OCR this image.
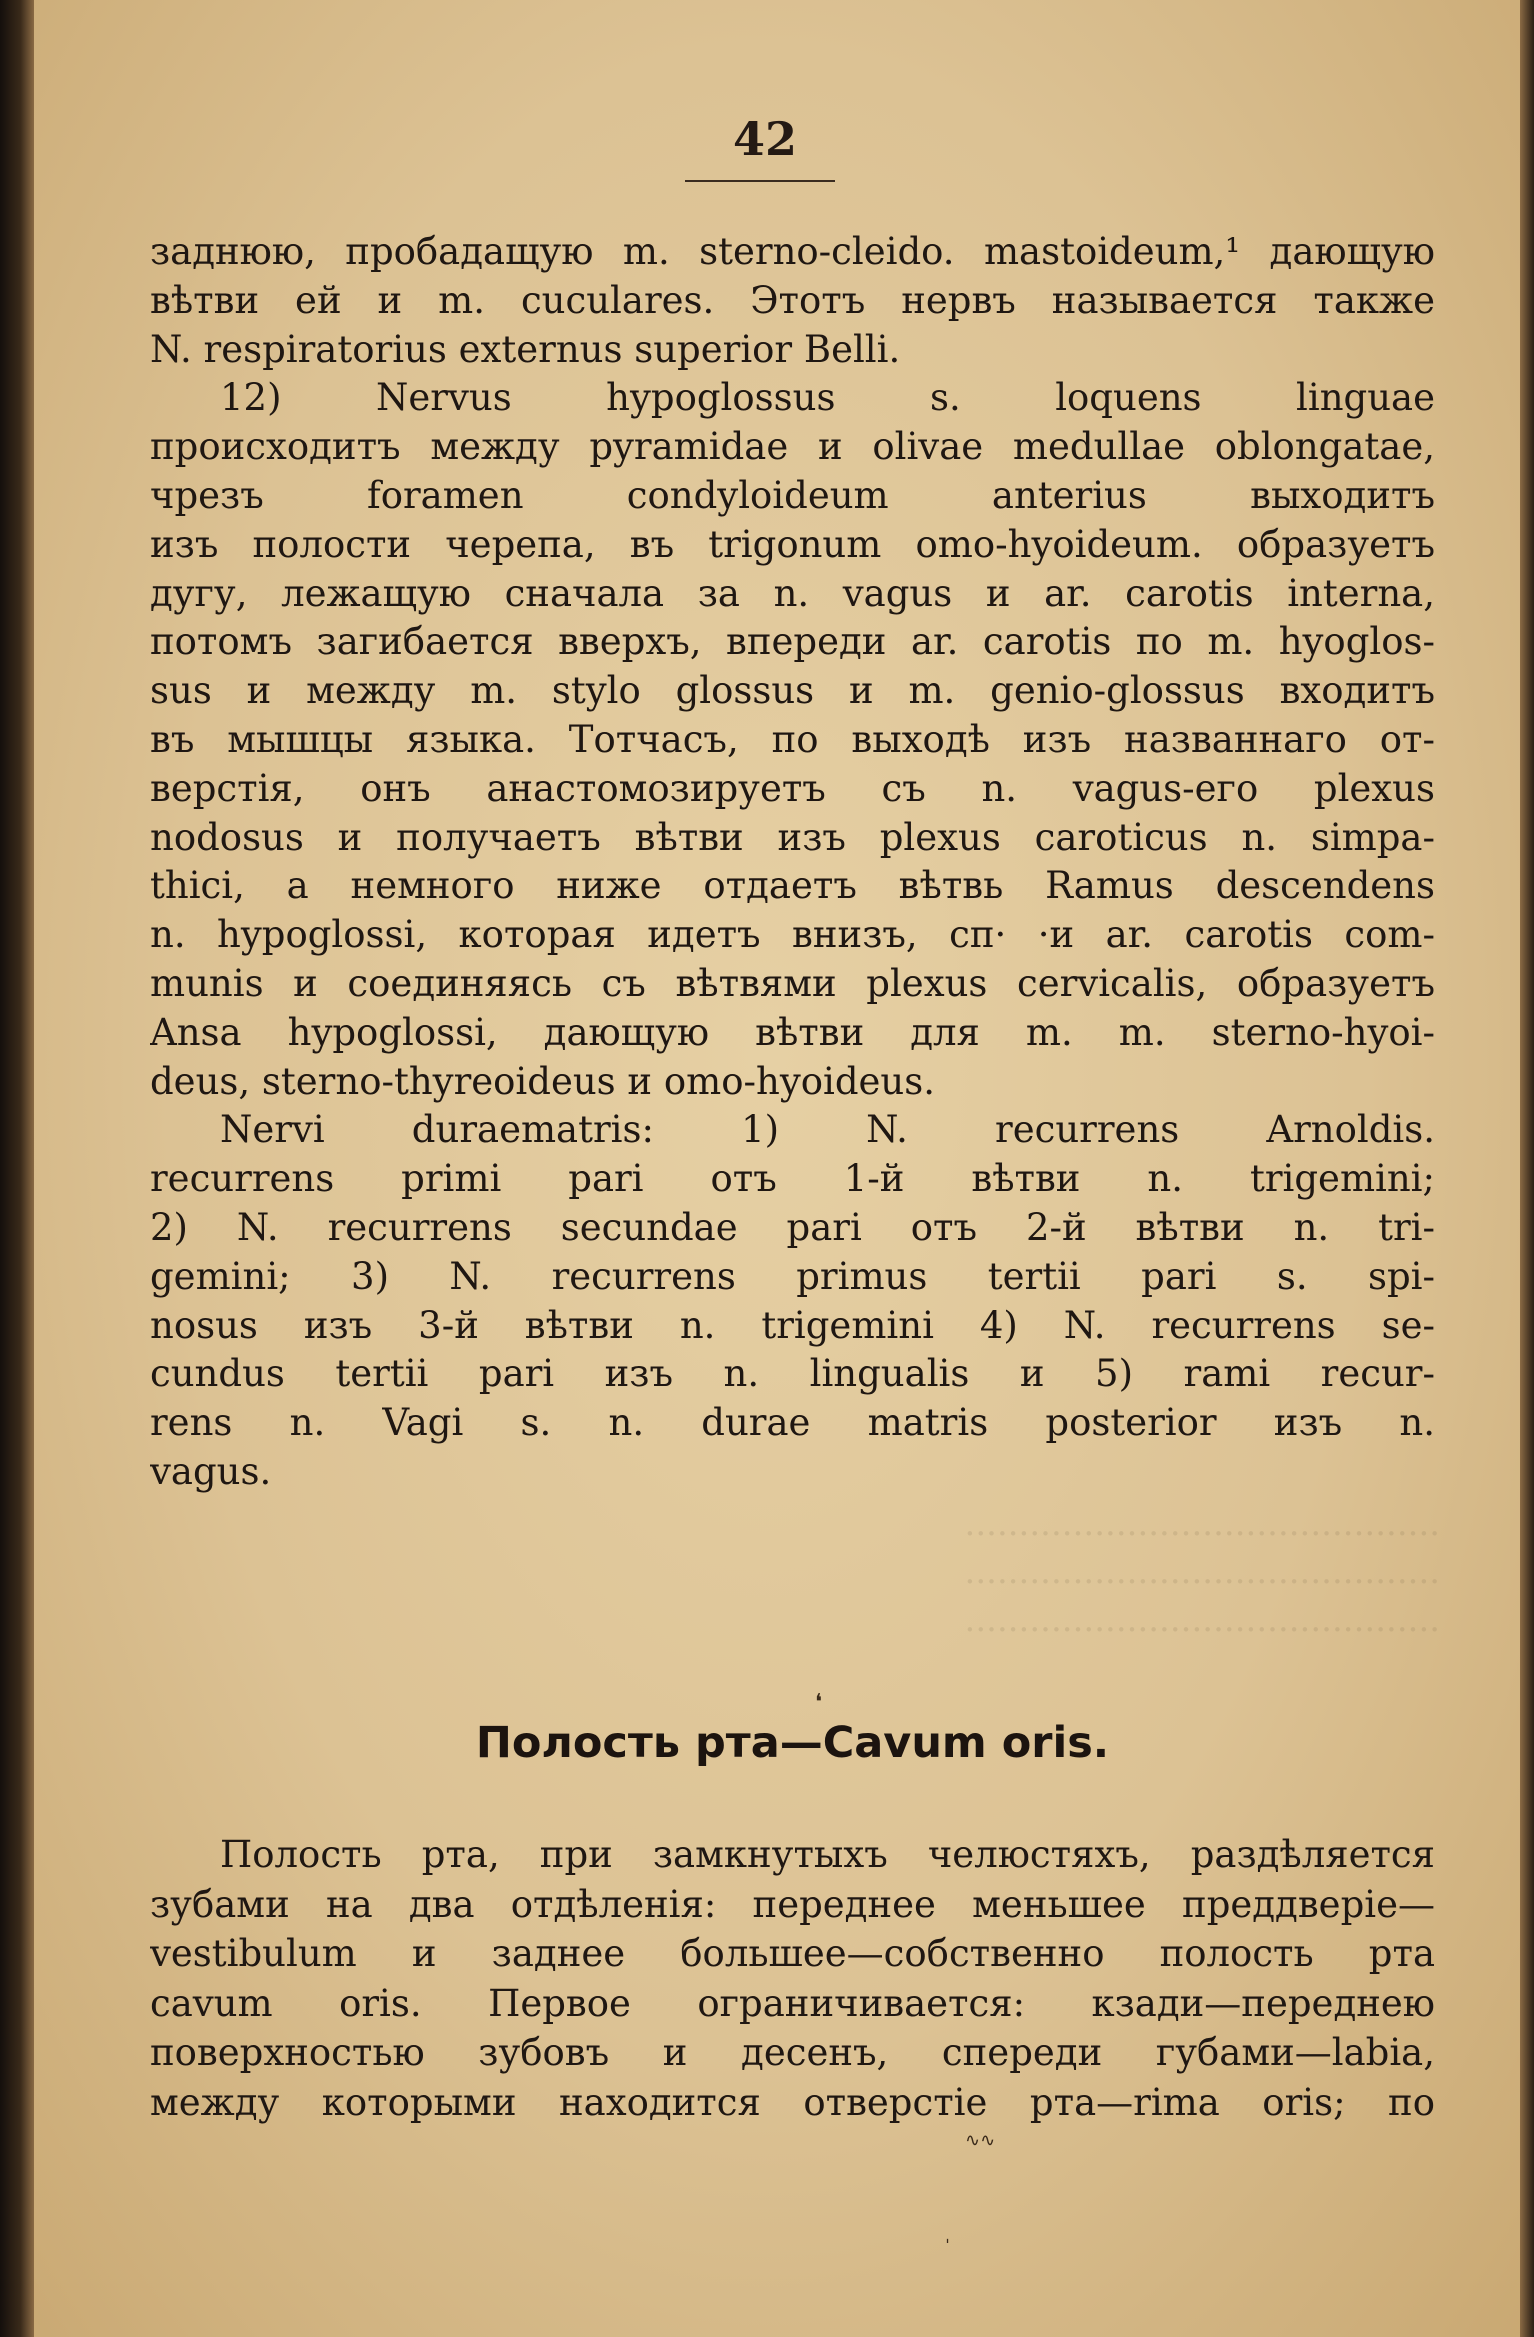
42
············································
············································
············································
заднюю, пробадащую m. sterno-cleido. mastoideum,¹ дающую
вѣтви ей и m. cuculares. Этотъ нервъ называется также
N. respiratorius externus superior Belli.
12) Nervus hypoglossus s. loquens linguae
происходитъ между pyramidae и olivae medullae oblongatae,
чрезъ foramen condyloideum anterius выходитъ
изъ полости черепа, въ trigonum omo-hyoideum. образуетъ
дугу, лежащую сначала за n. vagus и ar. carotis interna,
потомъ загибается вверхъ, впереди ar. carotis по m. hyoglos-
sus и между m. stylo glossus и m. genio-glossus входитъ
въ мышцы языка. Тотчасъ, по выходѣ изъ названнаго от-
верстія, онъ анастомозируетъ съ n. vagus-его plexus
nodosus и получаетъ вѣтви изъ plexus caroticus n. simpa-
thici, а немного ниже отдаетъ вѣтвь Ramus descendens
n. hypoglossi, которая идетъ внизъ, сп· ·и ar. carotis com-
munis и соединяясь съ вѣтвями plexus cervicalis, образуетъ
Ansa hypoglossi, дающую вѣтви для m. m. sterno-hyoi-
deus, sterno-thyreoideus и omo-hyoideus.
Nervi duraematris: 1) N. recurrens Arnoldis.
recurrens primi pari отъ 1-й вѣтви n. trigemini;
2) N. recurrens secundae pari отъ 2-й вѣтви n. tri-
gemini; 3) N. recurrens primus tertii pari s. spi-
nosus изъ 3-й вѣтви n. trigemini 4) N. recurrens se-
cundus tertii pari изъ n. lingualis и 5) rami recur-
rens n. Vagi s. n. durae matris posterior изъ n.
vagus.
❛
Полость рта—Cavum oris.
Полость рта, при замкнутыхъ челюстяхъ, раздѣляется
зубами на два отдѣленія: переднее меньшее преддверіе—
vestibulum и заднее большее—собственно полость рта
cavum oris. Первое ограничивается: кзади—переднею
поверхностью зубовъ и десенъ, спереди губами—labia,
между которыми находится отверстіе рта—rima oris; по
∿∿
ˌ
